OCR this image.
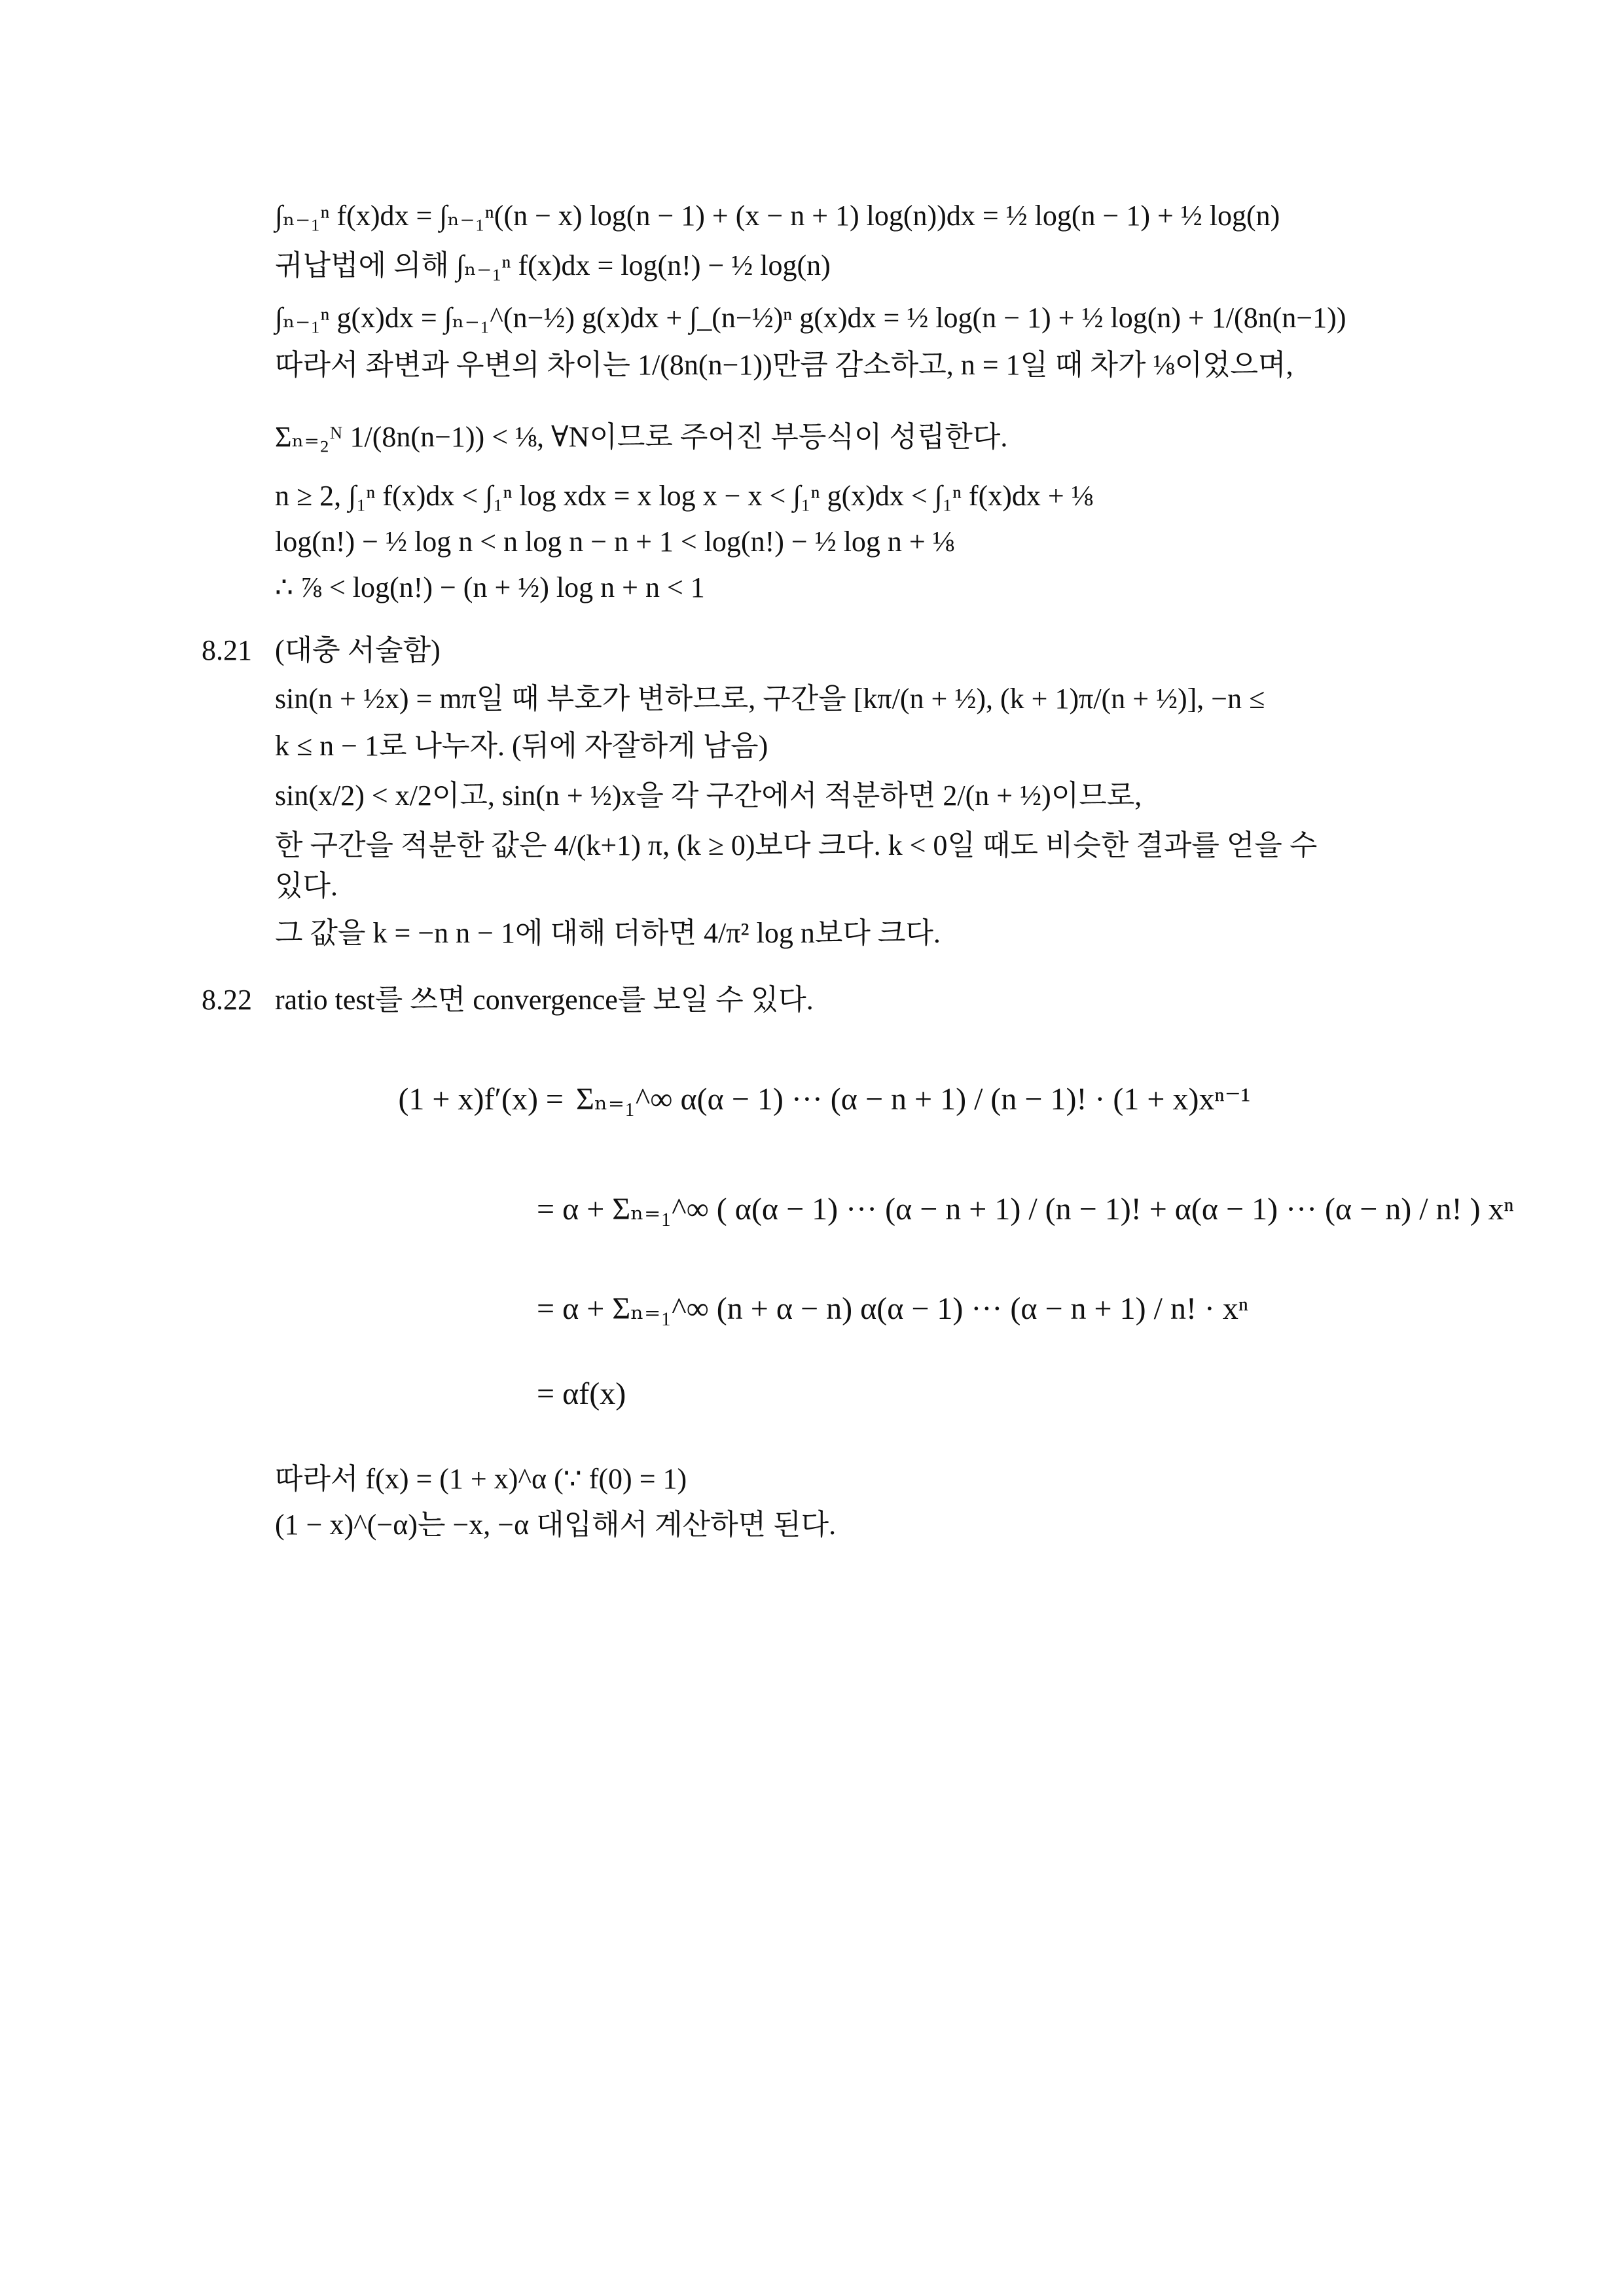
∫ₙ₋₁ⁿ f(x)dx = ∫ₙ₋₁ⁿ((n − x) log(n − 1) + (x − n + 1) log(n))dx = ½ log(n − 1) + ½ log(n)
귀납법에 의해 ∫ₙ₋₁ⁿ f(x)dx = log(n!) − ½ log(n)
∫ₙ₋₁ⁿ g(x)dx = ∫ₙ₋₁^(n−½) g(x)dx + ∫_(n−½)ⁿ g(x)dx = ½ log(n − 1) + ½ log(n) + 1/(8n(n−1))
따라서 좌변과 우변의 차이는 1/(8n(n−1))만큼 감소하고, n = 1일 때 차가 ⅛이었으며,
Σₙ₌₂ᴺ 1/(8n(n−1)) < ⅛, ∀N이므로 주어진 부등식이 성립한다.
n ≥ 2, ∫₁ⁿ f(x)dx < ∫₁ⁿ log xdx = x log x − x < ∫₁ⁿ g(x)dx < ∫₁ⁿ f(x)dx + ⅛
log(n!) − ½ log n < n log n − n + 1 < log(n!) − ½ log n + ⅛
∴ ⅞ < log(n!) − (n + ½) log n + n < 1
8.21 (대충 서술함)
sin(n + ½x) = mπ일 때 부호가 변하므로, 구간을 [kπ/(n + ½), (k + 1)π/(n + ½)], −n ≤
k ≤ n − 1로 나누자. (뒤에 자잘하게 남음)
sin(x/2) < x/2이고, sin(n + ½)x을 각 구간에서 적분하면 2/(n + ½)이므로,
한 구간을 적분한 값은 4/(k+1) π, (k ≥ 0)보다 크다. k < 0일 때도 비슷한 결과를 얻을 수
있다.
그 값을 k = −n n − 1에 대해 더하면 4/π² log n보다 크다.
8.22 ratio test를 쓰면 convergence를 보일 수 있다.
(1 + x)f′(x) = Σₙ₌₁^∞ α(α − 1) ··· (α − n + 1) / (n − 1)! · (1 + x)xⁿ⁻¹
= α + Σₙ₌₁^∞ ( α(α − 1) ··· (α − n + 1) / (n − 1)! + α(α − 1) ··· (α − n) / n! ) xⁿ
= α + Σₙ₌₁^∞ (n + α − n) α(α − 1) ··· (α − n + 1) / n! · xⁿ
= αf(x)
따라서 f(x) = (1 + x)^α (∵ f(0) = 1)
(1 − x)^(−α)는 −x, −α 대입해서 계산하면 된다.
